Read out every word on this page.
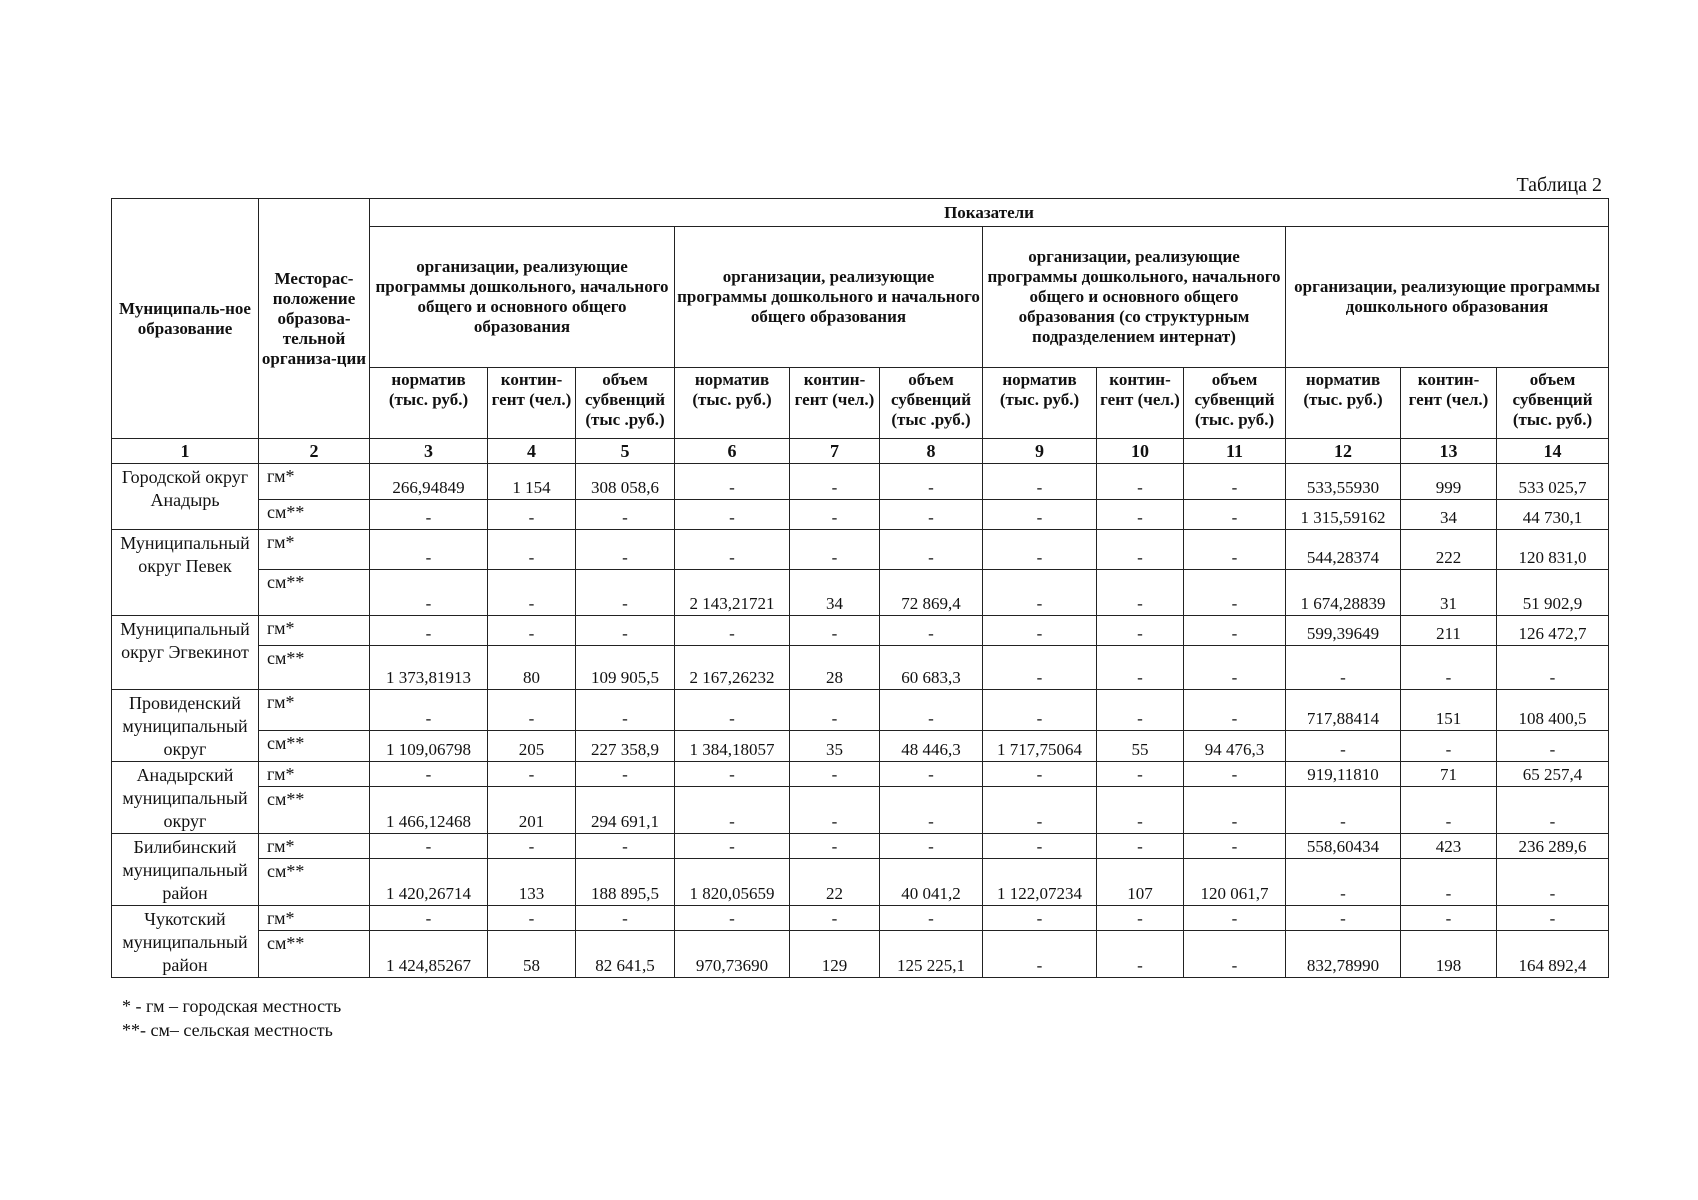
Таблица 2
Муниципаль-ное образование	Месторас-положение образова-тельной организа-ции	Показатели											
		организации, реализующие программы дошкольного, начального общего и основного общего образования			организации, реализующие программы дошкольного и начального общего образования			организации, реализующие программы дошкольного, начального общего и основного общего образования (со структурным подразделением интернат)			организации, реализующие программы дошкольного образования		
		норматив (тыс. руб.)	контин-гент (чел.)	объем субвенций (тыс .руб.)	норматив (тыс. руб.)	контин-гент (чел.)	объем субвенций (тыс .руб.)	норматив (тыс. руб.)	контин-гент (чел.)	объем субвенций (тыс. руб.)	норматив (тыс. руб.)	контин-гент (чел.)	объем субвенций (тыс. руб.)
1	2	3	4	5	6	7	8	9	10	11	12	13	14
Городской округ Анадырь	гм*	266,94849	1 154	308 058,6	-	-	-	-	-	-	533,55930	999	533 025,7
	см**	-	-	-	-	-	-	-	-	-	1 315,59162	34	44 730,1
Муниципальный округ Певек	гм*	-	-	-	-	-	-	-	-	-	544,28374	222	120 831,0
	см**	-	-	-	2 143,21721	34	72 869,4	-	-	-	1 674,28839	31	51 902,9
Муниципальный округ Эгвекинот	гм*	-	-	-	-	-	-	-	-	-	599,39649	211	126 472,7
	см**	1 373,81913	80	109 905,5	2 167,26232	28	60 683,3	-	-	-	-	-	-
Провиденский муниципальный округ	гм*	-	-	-	-	-	-	-	-	-	717,88414	151	108 400,5
	см**	1 109,06798	205	227 358,9	1 384,18057	35	48 446,3	1 717,75064	55	94 476,3	-	-	-
Анадырский муниципальный округ	гм*	-	-	-	-	-	-	-	-	-	919,11810	71	65 257,4
	см**	1 466,12468	201	294 691,1	-	-	-	-	-	-	-	-	-
Билибинский муниципальный район	гм*	-	-	-	-	-	-	-	-	-	558,60434	423	236 289,6
	см**	1 420,26714	133	188 895,5	1 820,05659	22	40 041,2	1 122,07234	107	120 061,7	-	-	-
Чукотский муниципальный район	гм*	-	-	-	-	-	-	-	-	-	-	-	-
	см**	1 424,85267	58	82 641,5	970,73690	129	125 225,1	-	-	-	832,78990	198	164 892,4
* - гм – городская местность
**- см– сельская местность
